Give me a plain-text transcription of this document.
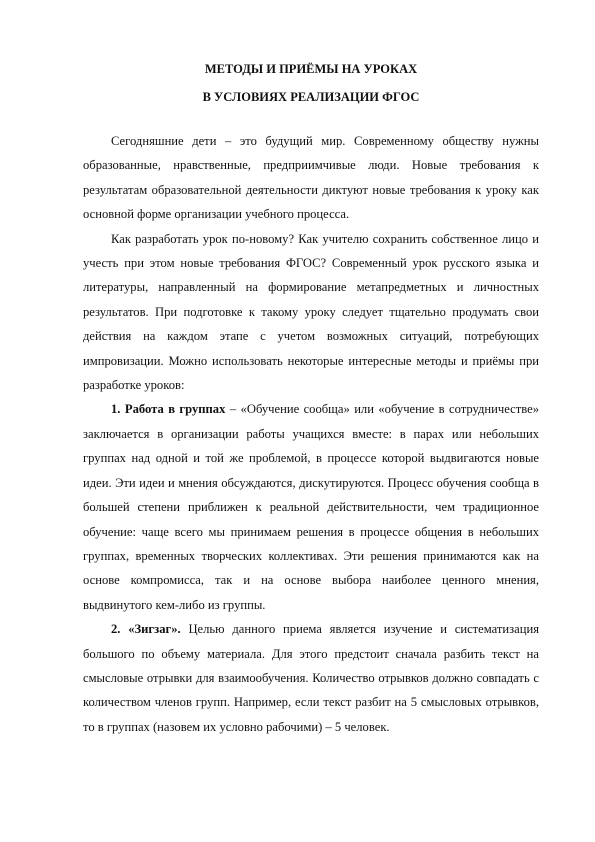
МЕТОДЫ И ПРИЁМЫ НА УРОКАХ
В УСЛОВИЯХ РЕАЛИЗАЦИИ ФГОС

Сегодняшние дети – это будущий мир. Современному обществу нужны образованные, нравственные, предприимчивые люди. Новые требования к результатам образовательной деятельности диктуют новые требования к уроку как основной форме организации учебного процесса.

Как разработать урок по-новому? Как учителю сохранить собственное лицо и учесть при этом новые требования ФГОС? Современный урок русского языка и литературы, направленный на формирование метапредметных и личностных результатов. При подготовке к такому уроку следует тщательно продумать свои действия на каждом этапе с учетом возможных ситуаций, потребующих импровизации. Можно использовать некоторые интересные методы и приёмы при разработке уроков:

1. Работа в группах – «Обучение сообща» или «обучение в сотрудничестве» заключается в организации работы учащихся вместе: в парах или небольших группах над одной и той же проблемой, в процессе которой выдвигаются новые идеи. Эти идеи и мнения обсуждаются, дискутируются. Процесс обучения сообща в большей степени приближен к реальной действительности, чем традиционное обучение: чаще всего мы принимаем решения в процессе общения в небольших группах, временных творческих коллективах. Эти решения принимаются как на основе компромисса, так и на основе выбора наиболее ценного мнения, выдвинутого кем-либо из группы.

2. «Зигзаг». Целью данного приема является изучение и систематизация большого по объему материала. Для этого предстоит сначала разбить текст на смысловые отрывки для взаимообучения. Количество отрывков должно совпадать с количеством членов групп. Например, если текст разбит на 5 смысловых отрывков, то в группах (назовем их условно рабочими) – 5 человек.
